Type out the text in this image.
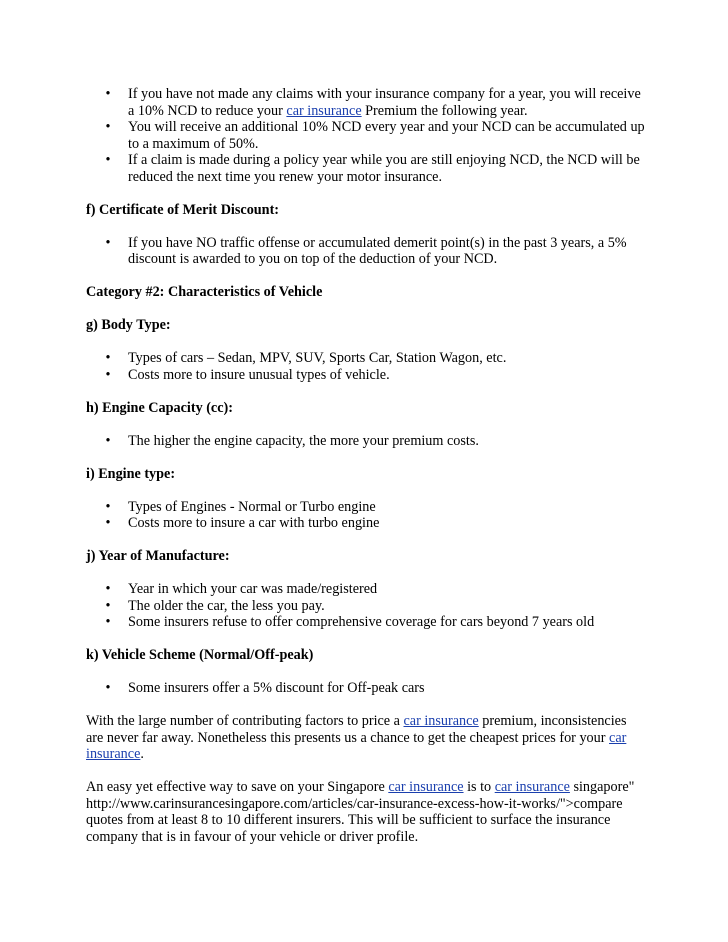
• If you have not made any claims with your insurance company for a year, you will receive a 10% NCD to reduce your car insurance Premium the following year.
• You will receive an additional 10% NCD every year and your NCD can be accumulated up to a maximum of 50%.
• If a claim is made during a policy year while you are still enjoying NCD, the NCD will be reduced the next time you renew your motor insurance.

f) Certificate of Merit Discount:

• If you have NO traffic offense or accumulated demerit point(s) in the past 3 years, a 5% discount is awarded to you on top of the deduction of your NCD.

Category #2: Characteristics of Vehicle

g) Body Type:

• Types of cars – Sedan, MPV, SUV, Sports Car, Station Wagon, etc.
• Costs more to insure unusual types of vehicle.

h) Engine Capacity (cc):

• The higher the engine capacity, the more your premium costs.

i) Engine type:

• Types of Engines - Normal or Turbo engine
• Costs more to insure a car with turbo engine

j) Year of Manufacture:

• Year in which your car was made/registered
• The older the car, the less you pay.
• Some insurers refuse to offer comprehensive coverage for cars beyond 7 years old

k) Vehicle Scheme (Normal/Off-peak)

• Some insurers offer a 5% discount for Off-peak cars

With the large number of contributing factors to price a car insurance premium, inconsistencies are never far away. Nonetheless this presents us a chance to get the cheapest prices for your car insurance.

An easy yet effective way to save on your Singapore car insurance is to car insurance singapore" http://www.carinsurancesingapore.com/articles/car-insurance-excess-how-it-works/">compare quotes from at least 8 to 10 different insurers. This will be sufficient to surface the insurance company that is in favour of your vehicle or driver profile.
